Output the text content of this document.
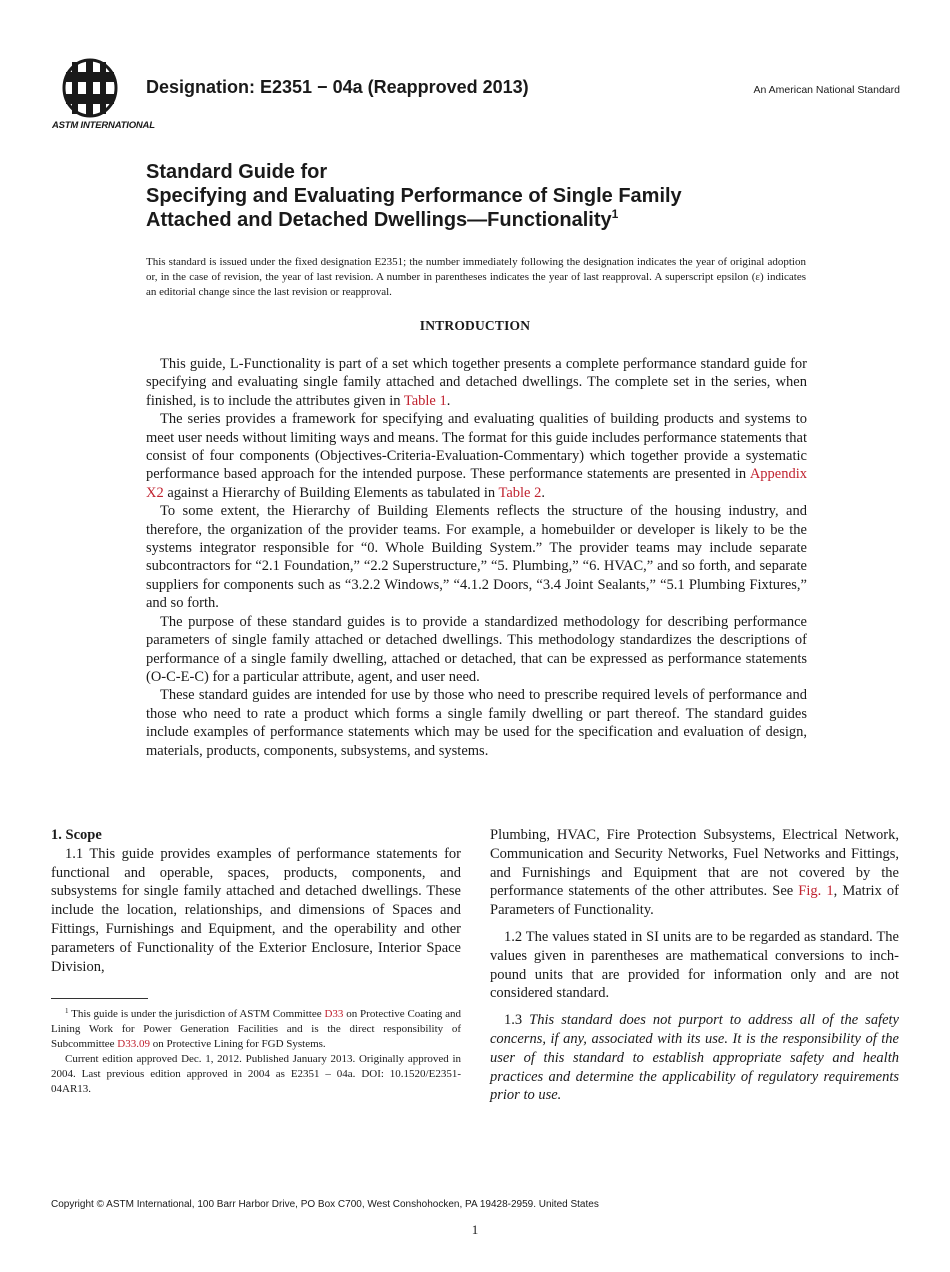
ASTM INTERNATIONAL
Designation: E2351 − 04a (Reapproved 2013)	An American National Standard
Standard Guide for
Specifying and Evaluating Performance of Single Family
Attached and Detached Dwellings—Functionality$^1$
This standard is issued under the fixed designation E2351; the number immediately following the designation indicates the year of original adoption or, in the case of revision, the year of last revision. A number in parentheses indicates the year of last reapproval. A superscript epsilon (ε) indicates an editorial change since the last revision or reapproval.
INTRODUCTION

This guide, L-Functionality is part of a set which together presents a complete performance standard guide for specifying and evaluating single family attached and detached dwellings. The complete set in the series, when finished, is to include the attributes given in Table 1.

The series provides a framework for specifying and evaluating qualities of building products and systems to meet user needs without limiting ways and means. The format for this guide includes performance statements that consist of four components (Objectives-Criteria-Evaluation-Commentary) which together provide a systematic performance based approach for the intended purpose. These performance statements are presented in Appendix X2 against a Hierarchy of Building Elements as tabulated in Table 2.

To some extent, the Hierarchy of Building Elements reflects the structure of the housing industry, and therefore, the organization of the provider teams. For example, a homebuilder or developer is likely to be the systems integrator responsible for “0. Whole Building System.” The provider teams may include separate subcontractors for “2.1 Foundation,” “2.2 Superstructure,” “5. Plumbing,” “6. HVAC,” and so forth, and separate suppliers for components such as “3.2.2 Windows,” “4.1.2 Doors, “3.4 Joint Sealants,” “5.1 Plumbing Fixtures,” and so forth.

The purpose of these standard guides is to provide a standardized methodology for describing performance parameters of single family attached or detached dwellings. This methodology standardizes the descriptions of performance of a single family dwelling, attached or detached, that can be expressed as performance statements (O-C-E-C) for a particular attribute, agent, and user need.

These standard guides are intended for use by those who need to prescribe required levels of performance and those who need to rate a product which forms a single family dwelling or part thereof. The standard guides include examples of performance statements which may be used for the specification and evaluation of design, materials, products, components, subsystems, and systems.

1. Scope

1.1 This guide provides examples of performance statements for functional and operable, spaces, products, components, and subsystems for single family attached and detached dwellings. These include the location, relationships, and dimensions of Spaces and Fittings, Furnishings and Equipment, and the operability and other parameters of Functionality of the Exterior Enclosure, Interior Space Division,

$^1$ This guide is under the jurisdiction of ASTM Committee D33 on Protective Coating and Lining Work for Power Generation Facilities and is the direct responsibility of Subcommittee D33.09 on Protective Lining for FGD Systems.

Current edition approved Dec. 1, 2012. Published January 2013. Originally approved in 2004. Last previous edition approved in 2004 as E2351 – 04a. DOI: 10.1520/E2351-04AR13.

Plumbing, HVAC, Fire Protection Subsystems, Electrical Network, Communication and Security Networks, Fuel Networks and Fittings, and Furnishings and Equipment that are not covered by the performance statements of the other attributes. See Fig. 1, Matrix of Parameters of Functionality.

1.2 The values stated in SI units are to be regarded as standard. The values given in parentheses are mathematical conversions to inch-pound units that are provided for information only and are not considered standard.

1.3 This standard does not purport to address all of the safety concerns, if any, associated with its use. It is the responsibility of the user of this standard to establish appropriate safety and health practices and determine the applicability of regulatory requirements prior to use.

Copyright © ASTM International, 100 Barr Harbor Drive, PO Box C700, West Conshohocken, PA 19428-2959. United States
1
